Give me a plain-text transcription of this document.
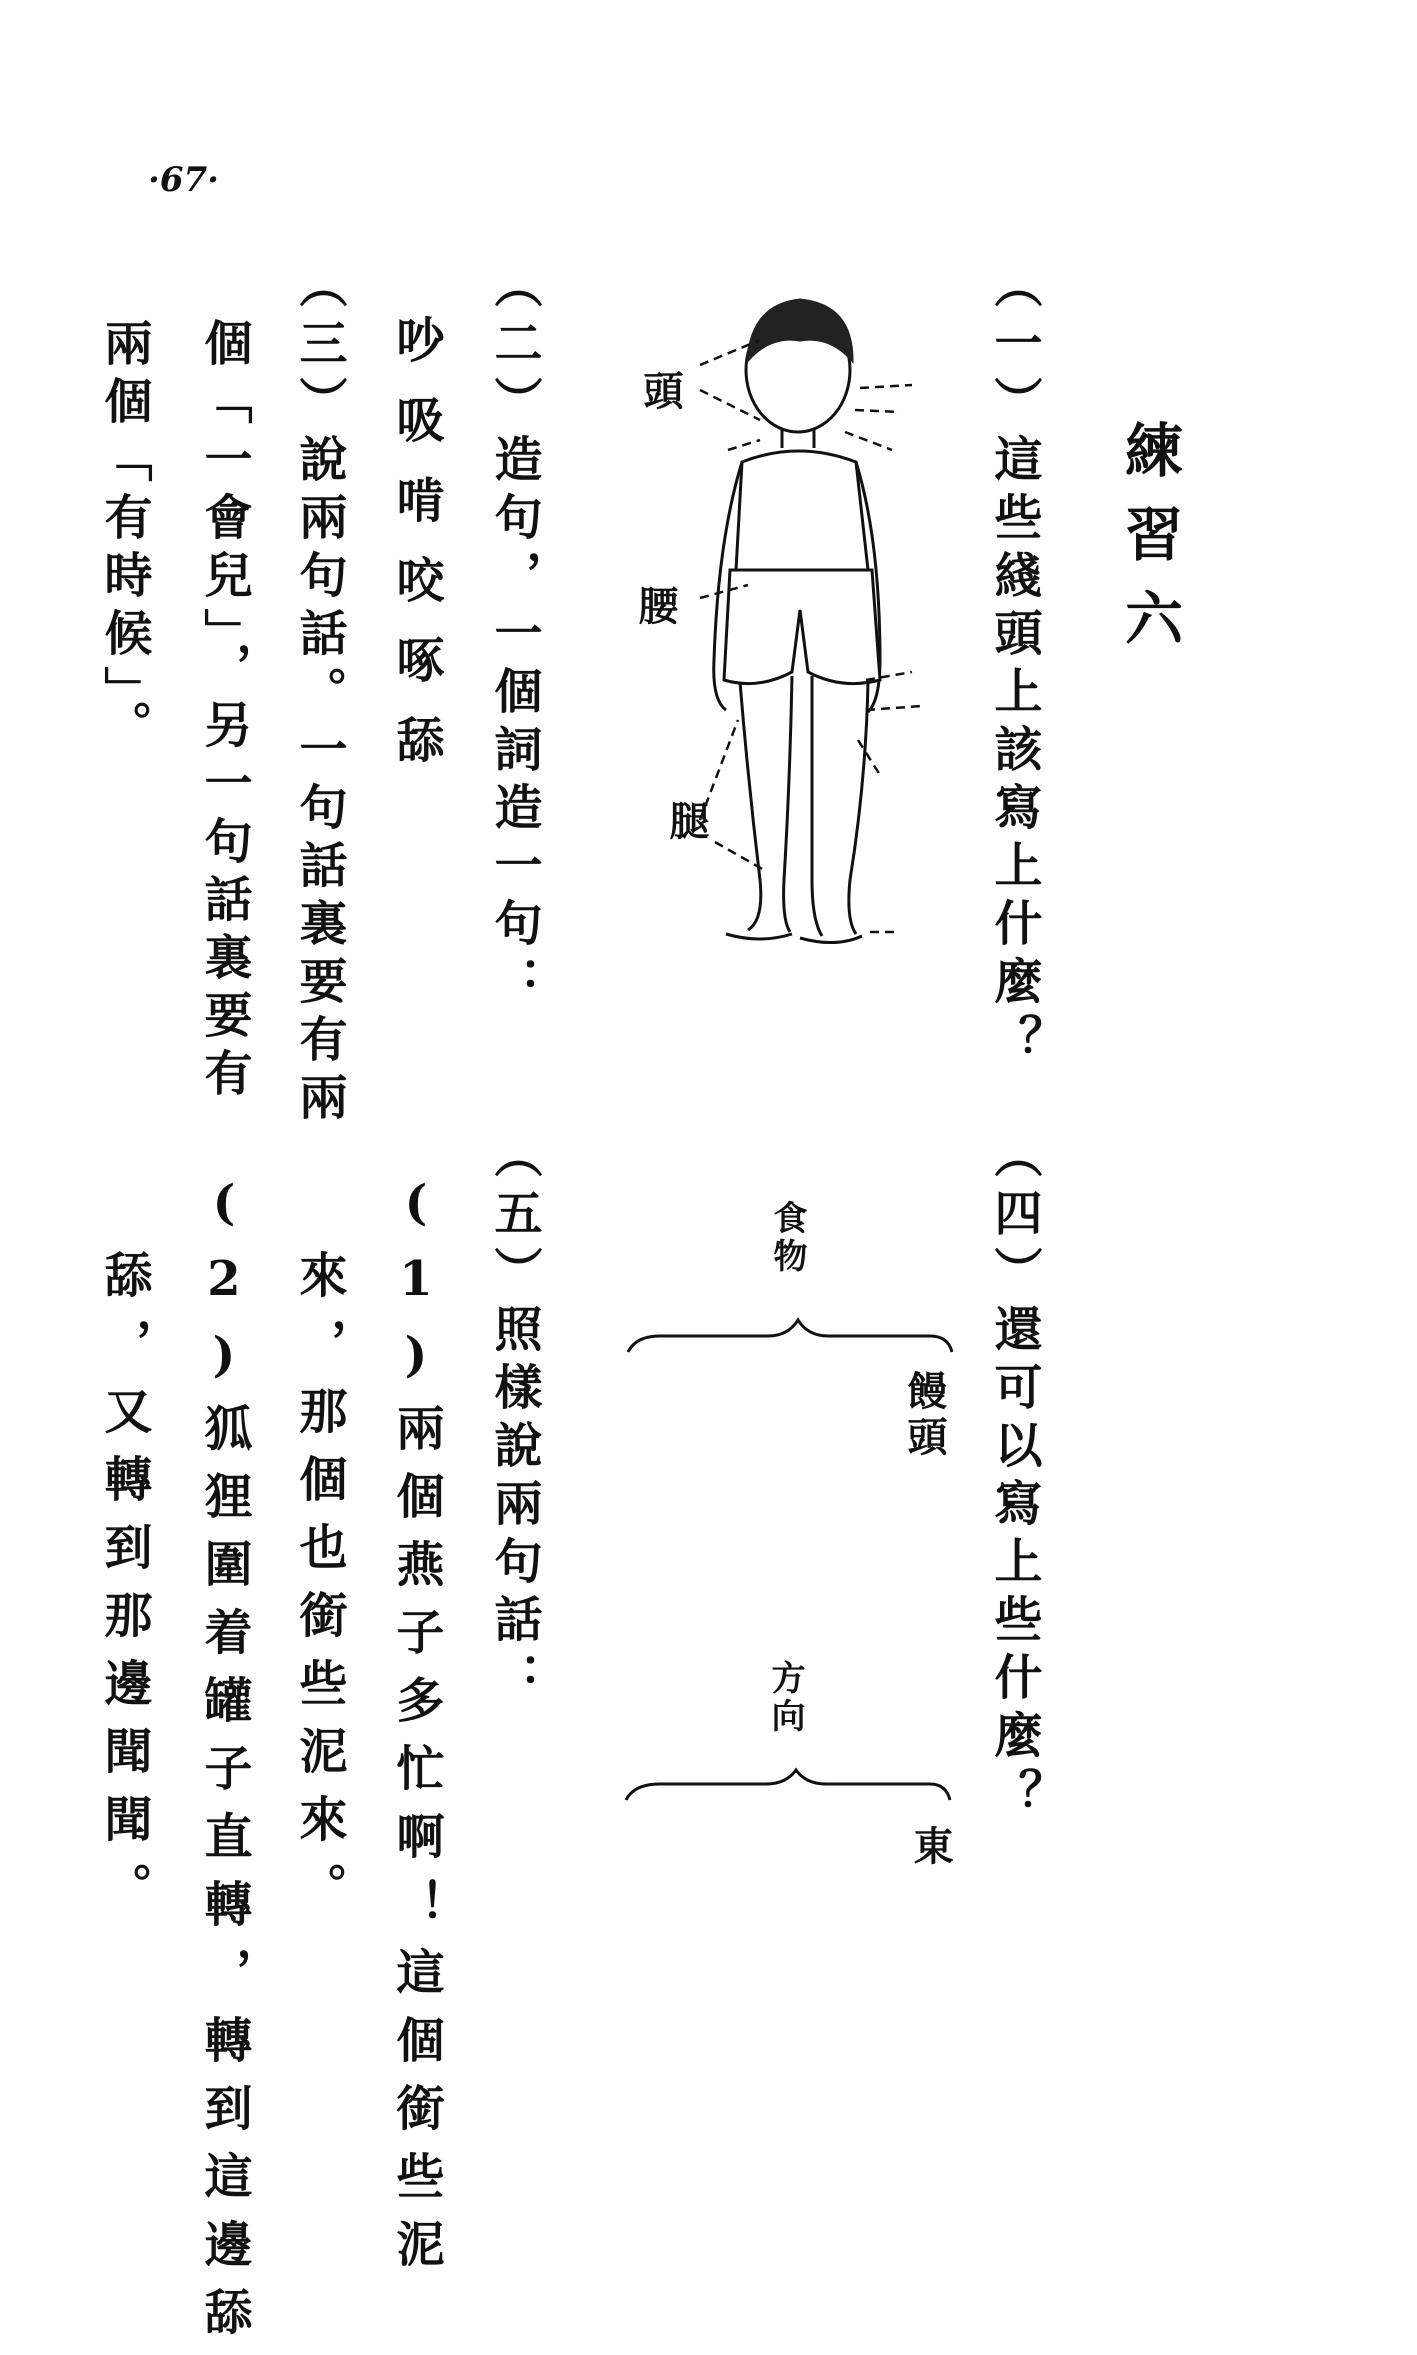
·67·
練習六
（一）這些綫頭上該寫上什麼？
（二）造句，一個詞造一句：
吵吸啃咬啄舔
（三）說兩句話。一句話裏要有兩
個「一會兒」，另一句話裏要有
兩個「有時候」。
（四）還可以寫上些什麼？
（五）照樣說兩句話：
(1)兩個燕子多忙啊！這個銜些泥
來，那個也銜些泥來。
(2)狐狸圍着罐子直轉，轉到這邊舔
舔，又轉到那邊聞聞。
頭
腰
腿
食物
饅頭
方向
東
